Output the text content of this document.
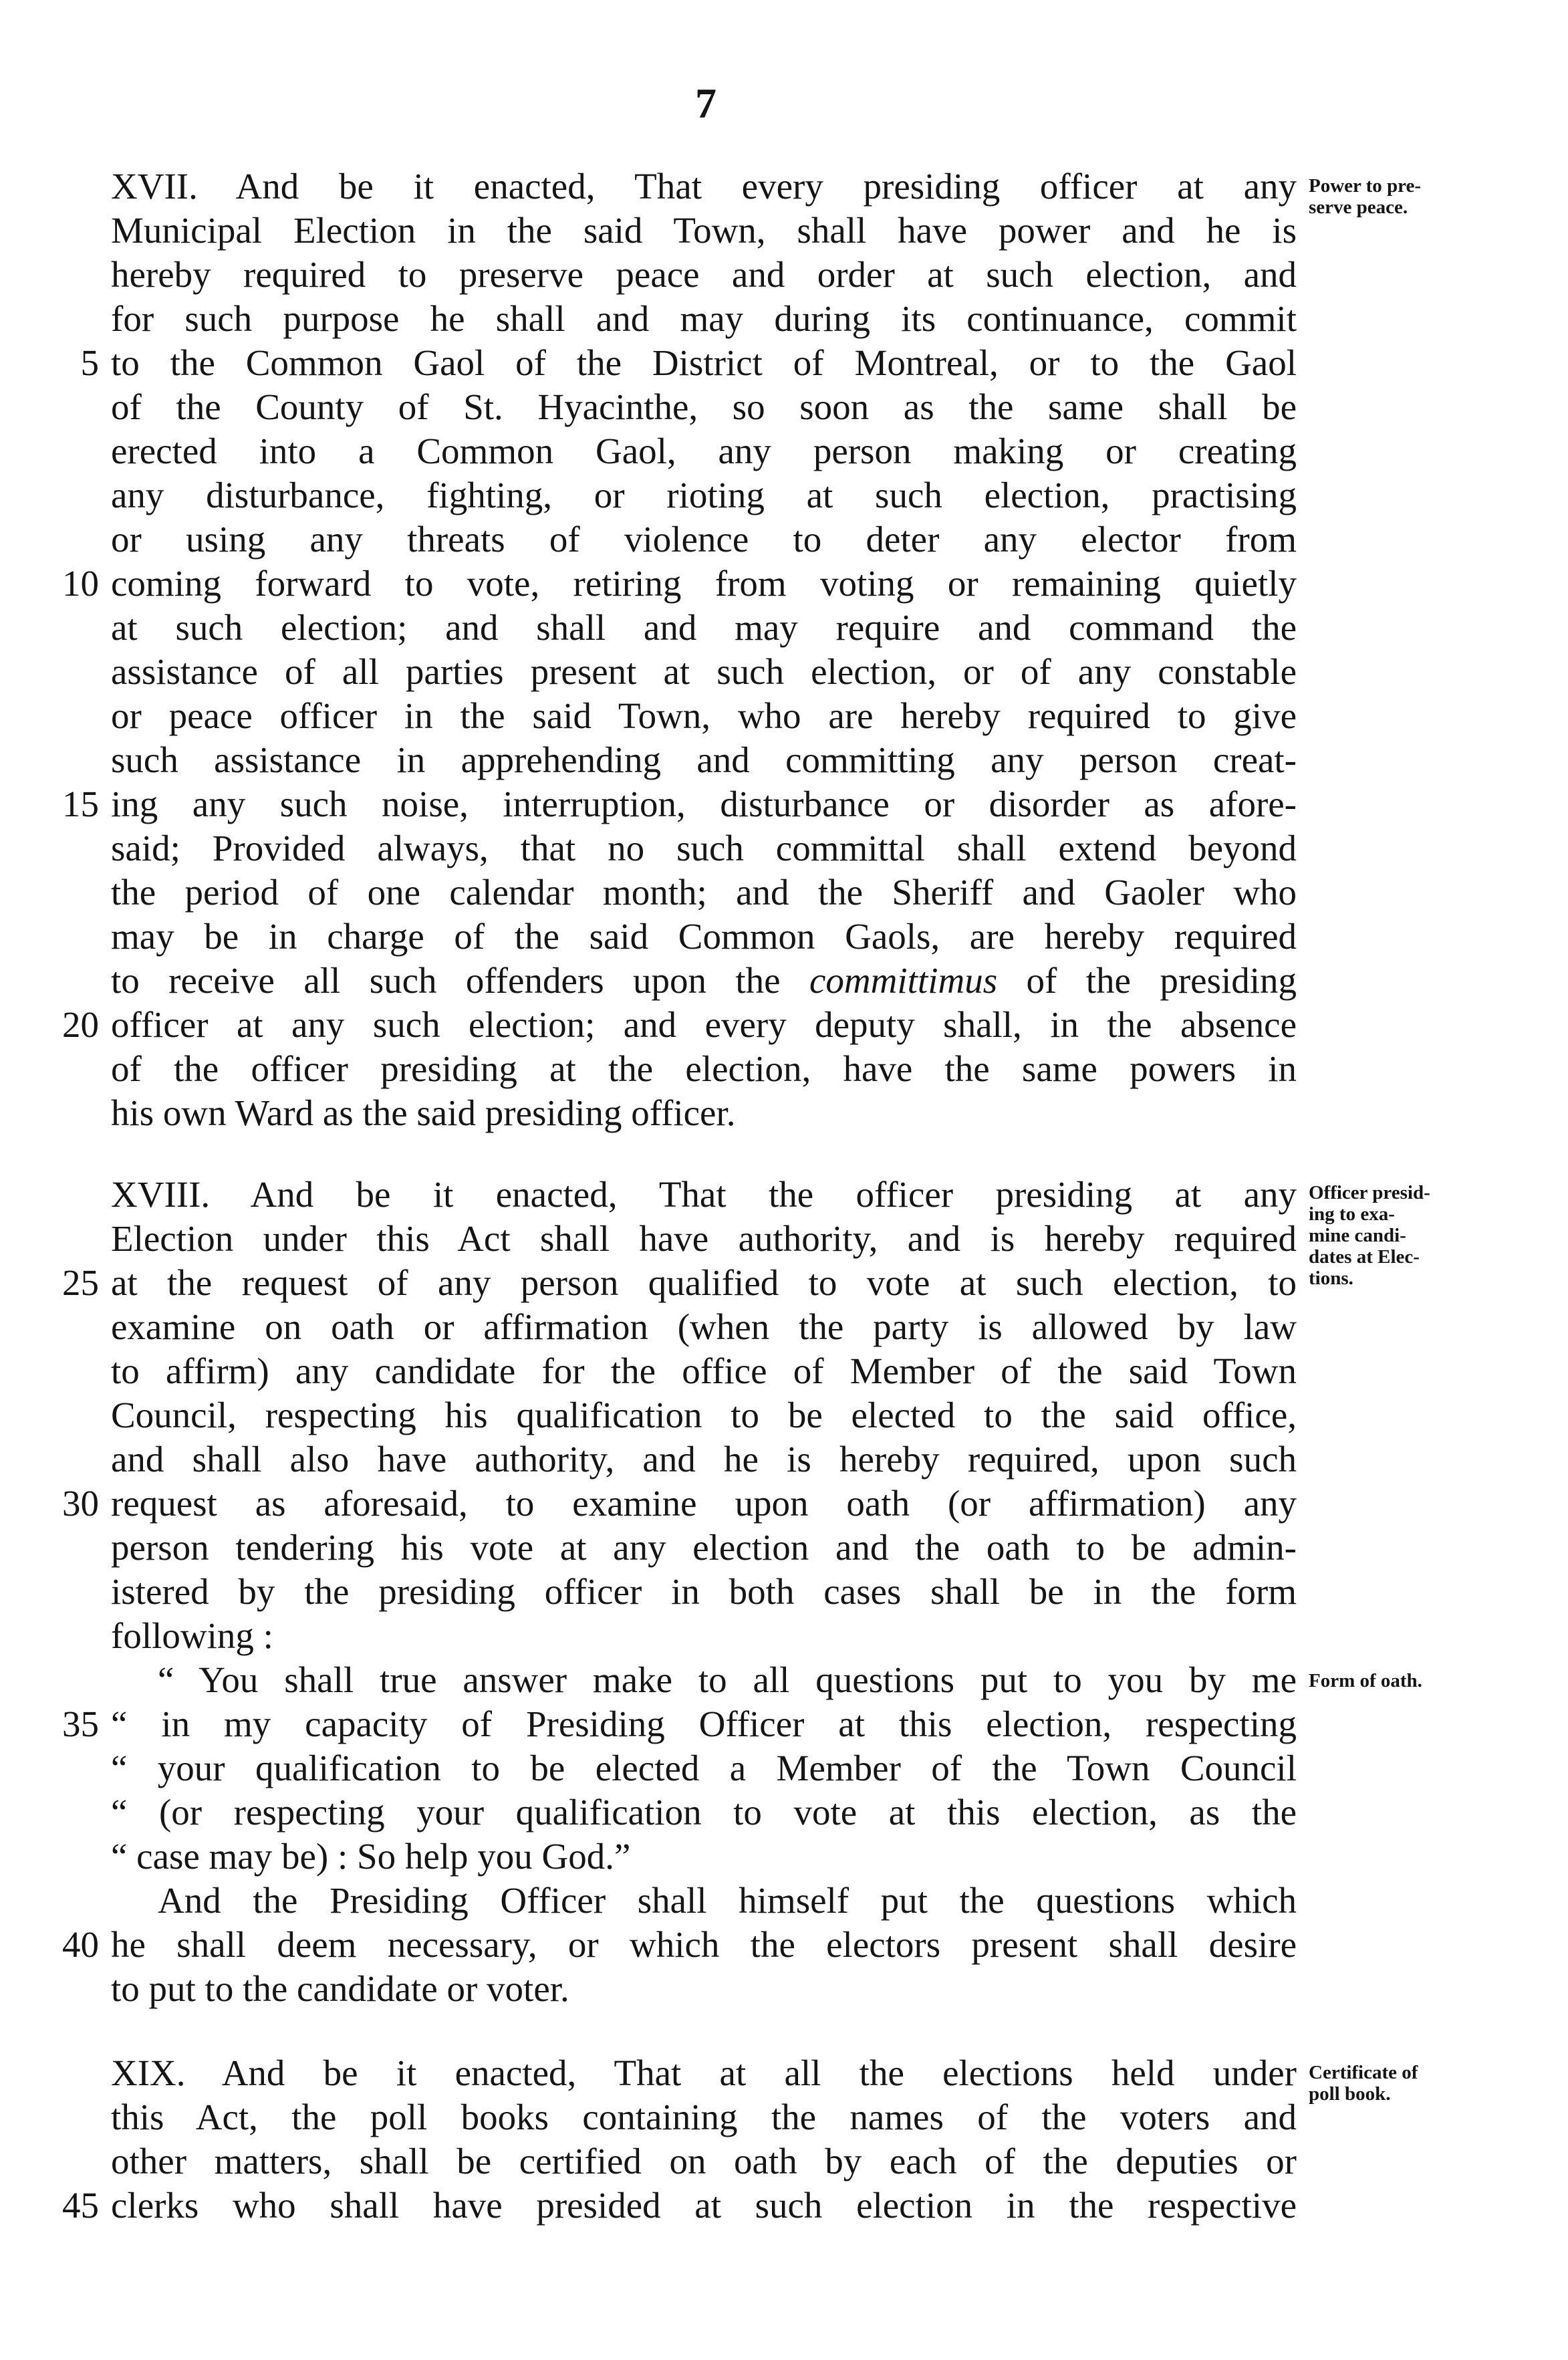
7
XVII. And be it enacted, That every presiding officer at any
Municipal Election in the said Town, shall have power and he is
hereby required to preserve peace and order at such election, and
for such purpose he shall and may during its continuance, commit
to the Common Gaol of the District of Montreal, or to the Gaol
of the County of St. Hyacinthe, so soon as the same shall be
erected into a Common Gaol, any person making or creating
any disturbance, fighting, or rioting at such election, practising
or using any threats of violence to deter any elector from
coming forward to vote, retiring from voting or remaining quietly
at such election; and shall and may require and command the
assistance of all parties present at such election, or of any constable
or peace officer in the said Town, who are hereby required to give
such assistance in apprehending and committing any person creat-
ing any such noise, interruption, disturbance or disorder as afore-
said; Provided always, that no such committal shall extend beyond
the period of one calendar month; and the Sheriff and Gaoler who
may be in charge of the said Common Gaols, are hereby required
to receive all such offenders upon the committimus of the presiding
officer at any such election; and every deputy shall, in the absence
of the officer presiding at the election, have the same powers in
his own Ward as the said presiding officer.
Power to pre-
serve peace.
XVIII. And be it enacted, That the officer presiding at any
Election under this Act shall have authority, and is hereby required
at the request of any person qualified to vote at such election, to
examine on oath or affirmation (when the party is allowed by law
to affirm) any candidate for the office of Member of the said Town
Council, respecting his qualification to be elected to the said office,
and shall also have authority, and he is hereby required, upon such
request as aforesaid, to examine upon oath (or affirmation) any
person tendering his vote at any election and the oath to be admin-
istered by the presiding officer in both cases shall be in the form
following :
“ You shall true answer make to all questions put to you by me
“ in my capacity of Presiding Officer at this election, respecting
“ your qualification to be elected a Member of the Town Council
“ (or respecting your qualification to vote at this election, as the
“ case may be) : So help you God.”
And the Presiding Officer shall himself put the questions which
he shall deem necessary, or which the electors present shall desire
to put to the candidate or voter.
Officer presid-
ing to exa-
mine candi-
dates at Elec-
tions.
Form of oath.
XIX. And be it enacted, That at all the elections held under
this Act, the poll books containing the names of the voters and
other matters, shall be certified on oath by each of the deputies or
clerks who shall have presided at such election in the respective
Certificate of
poll book.
5
10
15
20
25
30
35
40
45
